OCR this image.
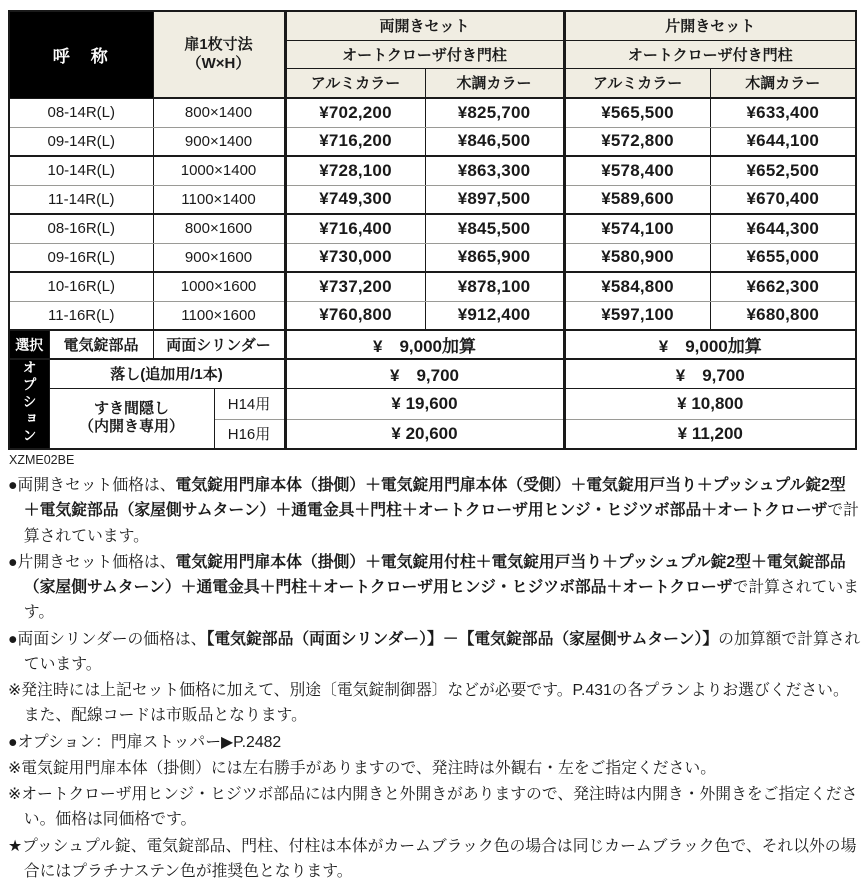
呼　称		扉1枚寸法
（W×H）		両開きセット		片開きセット	
				オートクローザ付き門柱		オートクローザ付き門柱	
				アルミカラー	木調カラー	アルミカラー	木調カラー
08-14R(L)		800×1400		¥702,200	¥825,700	¥565,500	¥633,400
09-14R(L)		900×1400		¥716,200	¥846,500	¥572,800	¥644,100
10-14R(L)		1000×1400		¥728,100	¥863,300	¥578,400	¥652,500
11-14R(L)		1100×1400		¥749,300	¥897,500	¥589,600	¥670,400
08-16R(L)		800×1600		¥716,400	¥845,500	¥574,100	¥644,300
09-16R(L)		900×1600		¥730,000	¥865,900	¥580,900	¥655,000
10-16R(L)		1000×1600		¥737,200	¥878,100	¥584,800	¥662,300
11-16R(L)		1100×1600		¥760,800	¥912,400	¥597,100	¥680,800
選択	電気錠部品	両面シリンダー		¥　9,000加算		¥　9,000加算	
オプション	落し(追加用/1本)			¥　9,700		¥　9,700	
	すき間隠し
（内開き専用）		H14用	¥ 19,600		¥ 10,800	
			H16用	¥ 20,600		¥ 11,200	
XZME02BE

●両開きセット価格は、電気錠用門扉本体（掛側）＋電気錠用門扉本体（受側）＋電気錠用戸当り＋プッシュプル錠2型＋電気錠部品（家屋側サムターン）＋通電金具＋門柱＋オートクローザ用ヒンジ・ヒジツボ部品＋オートクローザで計算されています。

●片開きセット価格は、電気錠用門扉本体（掛側）＋電気錠用付柱＋電気錠用戸当り＋プッシュプル錠2型＋電気錠部品（家屋側サムターン）＋通電金具＋門柱＋オートクローザ用ヒンジ・ヒジツボ部品＋オートクローザで計算されています。

●両面シリンダーの価格は、【電気錠部品（両面シリンダー）】－【電気錠部品（家屋側サムターン）】の加算額で計算されています。

※発注時には上記セット価格に加えて、別途〔電気錠制御器〕などが必要です。P.431の各プランよりお選びください。また、配線コードは市販品となります。

●オプション：門扉ストッパー▶P.2482

※電気錠用門扉本体（掛側）には左右勝手がありますので、発注時は外観右・左をご指定ください。

※オートクローザ用ヒンジ・ヒジツボ部品には内開きと外開きがありますので、発注時は内開き・外開きをご指定ください。価格は同価格です。

★プッシュプル錠、電気錠部品、門柱、付柱は本体がカームブラック色の場合は同じカームブラック色で、それ以外の場合にはプラチナステン色が推奨色となります。
